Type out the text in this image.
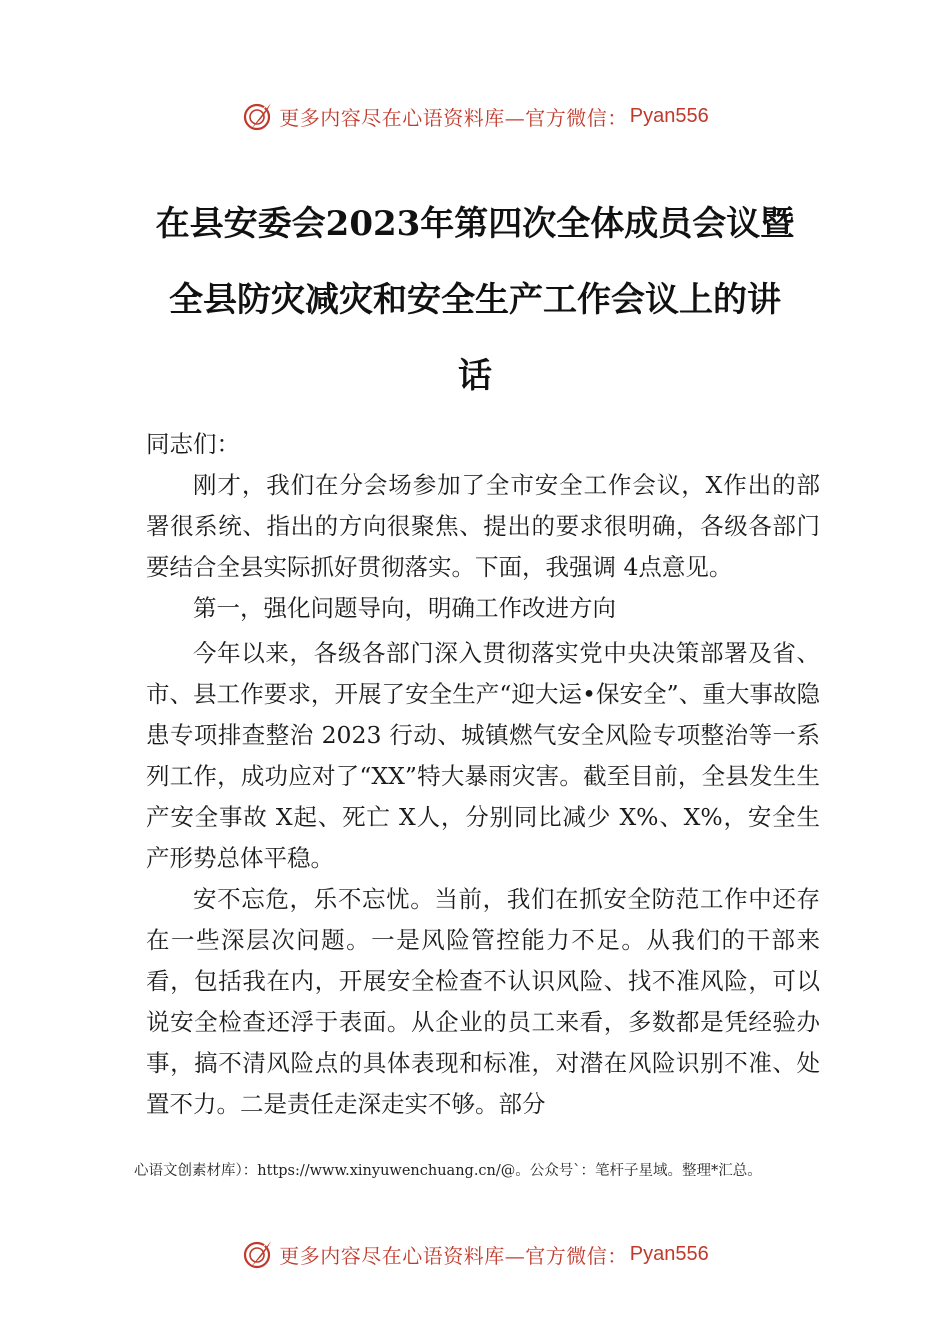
更多内容尽在心语资料库—官方微信： Pyan556
在县安委会2023年第四次全体成员会议暨
全县防灾减灾和安全生产工作会议上的讲
话

同志们：

刚才，我们在分会场参加了全市安全工作会议，X作出的部署很系统、指出的方向很聚焦、提出的要求很明确，各级各部门要结合全县实际抓好贯彻落实。下面，我强调 4点意见。

第一，强化问题导向，明确工作改进方向

今年以来，各级各部门深入贯彻落实党中央决策部署及省、市、县工作要求，开展了安全生产“迎大运•保安全”、重大事故隐患专项排查整治 2023 行动、城镇燃气安全风险专项整治等一系列工作，成功应对了“XX”特大暴雨灾害。截至目前，全县发生生产安全事故 X起、死亡 X人，分别同比减少 X%、X%，安全生产形势总体平稳。

安不忘危，乐不忘忧。当前，我们在抓安全防范工作中还存在一些深层次问题。一是风险管控能力不足。从我们的干部来看，包括我在内，开展安全检查不认识风险、找不准风险，可以说安全检查还浮于表面。从企业的员工来看，多数都是凭经验办事，搞不清风险点的具体表现和标准，对潜在风险识别不准、处置不力。二是责任走深走实不够。部分

心语文创素材库）：https://www.xinyuwenchuang.cn/@。公众号`：笔杆子星域。整理*汇总。
更多内容尽在心语资料库—官方微信： Pyan556
